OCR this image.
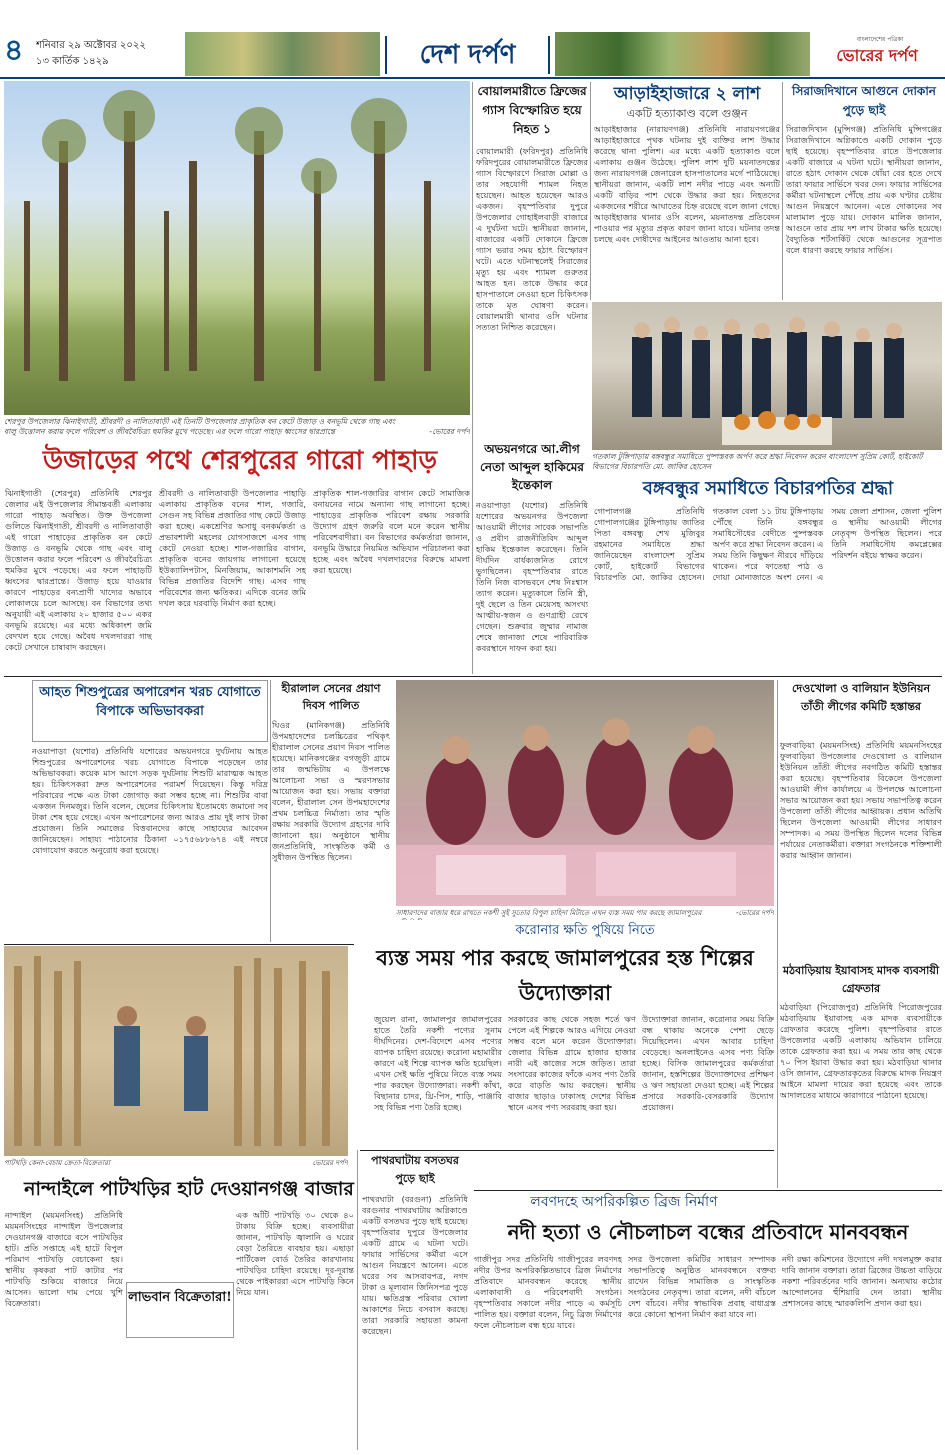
৪	শনিবার ২৯ অক্টোবর ২০২২
১৩ কার্তিক ১৪২৯	দেশ দর্পণ
বাংলাদেশের পত্রিকা
ভোরের দর্পণ
শেরপুর উপজেলার ঝিনাইগাতী, শ্রীবরদী ও নালিতাবাড়ী এই তিনটি উপজেলার প্রাকৃতিক বন কেটে উজাড় ও বনভূমি থেকে গাছ এবং বালু উত্তোলন করায় ফলে পরিবেশ ও জীববৈচিত্র্য হুমকির মুখে পড়েছে। এর ফলে গারো পাহাড় ধ্বংসের দ্বারপ্রান্তে	-ভোরের দর্পণ
উজাড়ের পথে শেরপুরের গারো পাহাড়
ঝিনাইগাতী (শেরপুর) প্রতিনিধি শেরপুর জেলার এই উপজেলার সীমান্তবর্তী এলাকায় গারো পাহাড় অবস্থিত। উক্ত উপজেলা গুলিতে ঝিনাইগাতী, শ্রীবরদী ও নালিতাবাড়ী এই গারো পাহাড়ের প্রাকৃতিক বন কেটে উজাড় ও বনভূমি থেকে গাছ এবং বালু উত্তোলন করার ফলে পরিবেশ ও জীববৈচিত্র্য হুমকির মুখে পড়েছে। এর ফলে পাহাড়টি ধ্বংসের দ্বারপ্রান্তে। উজাড় হয়ে যাওয়ার কারণে পাহাড়ের বন্যপ্রাণী খাদ্যের অভাবে লোকালয়ে চলে আসছে। বন বিভাগের তথ্য অনুযায়ী এই এলাকায় ২০ হাজার ৫০০ একর বনভূমি রয়েছে। এর মধ্যে অধিকাংশ জমি বেদখল হয়ে গেছে। অবৈধ দখলদাররা গাছ কেটে সেখানে চাষাবাদ করছেন।
শ্রীবরদী ও নালিতাবাড়ী উপজেলার পাহাড়ি এলাকায় প্রাকৃতিক বনের শাল, গজারি, সেগুন সহ বিভিন্ন প্রজাতির গাছ কেটে উজাড় করা হচ্ছে। একশ্রেণির অসাধু বনকর্মকর্তা ও প্রভাবশালী মহলের যোগসাজশে এসব গাছ কেটে নেওয়া হচ্ছে। শাল-গজারির বাগান, প্রাকৃতিক বনের জায়গায় লাগানো হয়েছে ইউক্যালিপটাস, মিনজিয়াম, আকাশমনি সহ বিভিন্ন প্রজাতির বিদেশি গাছ। এসব গাছ পরিবেশের জন্য ক্ষতিকর। এদিকে বনের জমি দখল করে ঘরবাড়ি নির্মাণ করা হচ্ছে।
প্রাকৃতিক শাল-গজারির বাগান কেটে সামাজিক বনায়নের নামে অন্যান্য গাছ লাগানো হচ্ছে। পাহাড়ের প্রাকৃতিক পরিবেশ রক্ষায় সরকারি উদ্যোগ গ্রহণ জরুরি বলে মনে করেন স্থানীয় পরিবেশবাদীরা। বন বিভাগের কর্মকর্তারা জানান, বনভূমি উদ্ধারে নিয়মিত অভিযান পরিচালনা করা হচ্ছে এবং অবৈধ দখলদারদের বিরুদ্ধে মামলা করা হয়েছে।
বোয়ালমারীতে ফ্রিজের গ্যাস বিস্ফোরিত হয়ে নিহত ১
বোয়ালমারী (ফরিদপুর) প্রতিনিধি ফরিদপুরের বোয়ালমারীতে ফ্রিজের গ্যাস বিস্ফোরণে সিরাজ মোল্লা ও তার সহযোগী শ্যামল নিহত হয়েছেন। আহত হয়েছেন আরও একজন। বৃহস্পতিবার দুপুরে উপজেলার গোহাইলবাড়ী বাজারে এ দুর্ঘটনা ঘটে। স্থানীয়রা জানান, বাজারের একটি দোকানে ফ্রিজে গ্যাস ভরার সময় হঠাৎ বিস্ফোরণ ঘটে। এতে ঘটনাস্থলেই সিরাজের মৃত্যু হয় এবং শ্যামল গুরুতর আহত হন। তাকে উদ্ধার করে হাসপাতালে নেওয়া হলে চিকিৎসক তাকে মৃত ঘোষণা করেন। বোয়ালমারী থানার ওসি ঘটনার সত্যতা নিশ্চিত করেছেন।
অভয়নগরে আ.লীগ নেতা আব্দুল হাকিমের ইন্তেকাল
নওয়াপাড়া (যশোর) প্রতিনিধি যশোরের অভয়নগর উপজেলা আওয়ামী লীগের সাবেক সভাপতি ও প্রবীণ রাজনীতিবিদ আব্দুল হাকিম ইন্তেকাল করেছেন। তিনি দীর্ঘদিন বার্ধক্যজনিত রোগে ভুগছিলেন। বৃহস্পতিবার রাতে তিনি নিজ বাসভবনে শেষ নিঃশ্বাস ত্যাগ করেন। মৃত্যুকালে তিনি স্ত্রী, দুই ছেলে ও তিন মেয়েসহ অসংখ্য আত্মীয়-স্বজন ও গুণগ্রাহী রেখে গেছেন। শুক্রবার জুম্মার নামাজ শেষে জানাজা শেষে পারিবারিক কবরস্থানে দাফন করা হয়।
আড়াইহাজারে ২ লাশ
একটি হত্যাকাণ্ড বলে গুঞ্জন
আড়াইহাজার (নারায়ণগঞ্জ) প্রতিনিধি নারায়ণগঞ্জের আড়াইহাজারে পৃথক ঘটনায় দুই ব্যক্তির লাশ উদ্ধার করেছে থানা পুলিশ। এর মধ্যে একটি হত্যাকাণ্ড বলে এলাকায় গুঞ্জন উঠেছে। পুলিশ লাশ দুটি ময়নাতদন্তের জন্য নারায়ণগঞ্জ জেনারেল হাসপাতালের মর্গে পাঠিয়েছে। স্থানীয়রা জানান, একটি লাশ নদীর পাড়ে এবং অন্যটি একটি বাড়ির পাশ থেকে উদ্ধার করা হয়। নিহতদের একজনের শরীরে আঘাতের চিহ্ন রয়েছে বলে জানা গেছে। আড়াইহাজার থানার ওসি বলেন, ময়নাতদন্ত প্রতিবেদন পাওয়ার পর মৃত্যুর প্রকৃত কারণ জানা যাবে। ঘটনার তদন্ত চলছে এবং দোষীদের আইনের আওতায় আনা হবে।
সিরাজদিখানে আগুনে দোকান পুড়ে ছাই
সিরাজদিখান (মুন্সিগঞ্জ) প্রতিনিধি মুন্সিগঞ্জের সিরাজদিখানে অগ্নিকাণ্ডে একটি দোকান পুড়ে ছাই হয়েছে। বৃহস্পতিবার রাতে উপজেলার একটি বাজারে এ ঘটনা ঘটে। স্থানীয়রা জানান, রাতে হঠাৎ দোকান থেকে ধোঁয়া বের হতে দেখে তারা ফায়ার সার্ভিসে খবর দেন। ফায়ার সার্ভিসের কর্মীরা ঘটনাস্থলে পৌঁছে প্রায় এক ঘণ্টার চেষ্টায় আগুন নিয়ন্ত্রণে আনেন। এতে দোকানের সব মালামাল পুড়ে যায়। দোকান মালিক জানান, আগুনে তার প্রায় দশ লাখ টাকার ক্ষতি হয়েছে। বৈদ্যুতিক শর্টসার্কিট থেকে আগুনের সূত্রপাত বলে ধারণা করছে ফায়ার সার্ভিস।
গতকাল টুঙ্গিপাড়ায় বঙ্গবন্ধুর সমাধিতে পুষ্পস্তবক অর্পণ করে শ্রদ্ধা নিবেদন করেন বাংলাদেশ সুপ্রিম কোর্ট, হাইকোর্ট বিভাগের বিচারপতি মো. জাকির হোসেন
বঙ্গবন্ধুর সমাধিতে বিচারপতির শ্রদ্ধা
গোপালগঞ্জ প্রতিনিধি গোপালগঞ্জের টুঙ্গিপাড়ায় জাতির পিতা বঙ্গবন্ধু শেখ মুজিবুর রহমানের সমাধিতে শ্রদ্ধা জানিয়েছেন বাংলাদেশ সুপ্রিম কোর্ট, হাইকোর্ট বিভাগের বিচারপতি মো. জাকির হোসেন। গতকাল বেলা ১১ টায় টুঙ্গিপাড়ায় পৌঁছে তিনি বঙ্গবন্ধুর সমাধিসৌধের বেদীতে পুষ্পস্তবক অর্পণ করে শ্রদ্ধা নিবেদন করেন। এ সময় তিনি কিছুক্ষণ নীরবে দাঁড়িয়ে থাকেন। পরে ফাতেহা পাঠ ও দোয়া মোনাজাতে অংশ নেন। এ সময় জেলা প্রশাসন, জেলা পুলিশ ও স্থানীয় আওয়ামী লীগের নেতৃবৃন্দ উপস্থিত ছিলেন। পরে তিনি সমাধিসৌধ কমপ্লেক্সের পরিদর্শন বইয়ে স্বাক্ষর করেন।
আহত শিশুপুত্রের অপারেশন খরচ যোগাতে বিপাকে অভিভাবকরা
নওয়াপাড়া (যশোর) প্রতিনিধি যশোরের অভয়নগরে দুর্ঘটনায় আহত শিশুপুত্রের অপারেশনের খরচ যোগাতে বিপাকে পড়েছেন তার অভিভাবকরা। কয়েক মাস আগে সড়ক দুর্ঘটনায় শিশুটি মারাত্মক আহত হয়। চিকিৎসকরা দ্রুত অপারেশনের পরামর্শ দিয়েছেন। কিন্তু দরিদ্র পরিবারের পক্ষে এত টাকা জোগাড় করা সম্ভব হচ্ছে না। শিশুটির বাবা একজন দিনমজুর। তিনি বলেন, ছেলের চিকিৎসায় ইতোমধ্যে জমানো সব টাকা শেষ হয়ে গেছে। এখন অপারেশনের জন্য আরও প্রায় দুই লাখ টাকা প্রয়োজন। তিনি সমাজের বিত্তবানদের কাছে সাহায্যের আবেদন জানিয়েছেন। সাহায্য পাঠানোর ঠিকানা ০১৭৫৬৮৮৬৭৪ এই নম্বরে যোগাযোগ করতে অনুরোধ করা হয়েছে।
হীরালাল সেনের প্রয়াণ দিবস পালিত
ঘিওর (মানিকগঞ্জ) প্রতিনিধি উপমহাদেশের চলচ্চিত্রের পথিকৃৎ হীরালাল সেনের প্রয়াণ দিবস পালিত হয়েছে। মানিকগঞ্জের বগজুড়ী গ্রামে তার জন্মভিটায় এ উপলক্ষে আলোচনা সভা ও স্মরণসভার আয়োজন করা হয়। সভায় বক্তারা বলেন, হীরালাল সেন উপমহাদেশের প্রথম চলচ্চিত্র নির্মাতা। তার স্মৃতি রক্ষায় সরকারি উদ্যোগ গ্রহণের দাবি জানানো হয়। অনুষ্ঠানে স্থানীয় জনপ্রতিনিধি, সাংস্কৃতিক কর্মী ও সুধীজন উপস্থিত ছিলেন।
সাধারণদের বাজার ধরে রাখতে নকশী সুই সুতোর বিপুল চাহিদা মিটাতে এখন ব্যস্ত সময় পার করছে জামালপুরের	-ভোরের দর্পণ
করোনার ক্ষতি পুষিয়ে নিতে
ব্যস্ত সময় পার করছে জামালপুরের হস্ত শিল্পের উদ্যোক্তারা
দেওখোলা ও বালিয়ান ইউনিয়ন তাঁতী লীগের কমিটি হস্তান্তর
ফুলবাড়িয়া (ময়মনসিংহ) প্রতিনিধি ময়মনসিংহের ফুলবাড়িয়া উপজেলার দেওখোলা ও বালিয়ান ইউনিয়ন তাঁতী লীগের নবগঠিত কমিটি হস্তান্তর করা হয়েছে। বৃহস্পতিবার বিকেলে উপজেলা আওয়ামী লীগ কার্যালয়ে এ উপলক্ষে আলোচনা সভার আয়োজন করা হয়। সভায় সভাপতিত্ব করেন উপজেলা তাঁতী লীগের আহ্বায়ক। প্রধান অতিথি ছিলেন উপজেলা আওয়ামী লীগের সাধারণ সম্পাদক। এ সময় উপস্থিত ছিলেন দলের বিভিন্ন পর্যায়ের নেতাকর্মীরা। বক্তারা সংগঠনকে শক্তিশালী করার আহ্বান জানান।
মঠবাড়িয়ায় ইয়াবাসহ মাদক ব্যবসায়ী গ্রেফতার
মঠবাড়িয়া (পিরোজপুর) প্রতিনিধি পিরোজপুরের মঠবাড়িয়ায় ইয়াবাসহ এক মাদক ব্যবসায়ীকে গ্রেফতার করেছে পুলিশ। বৃহস্পতিবার রাতে উপজেলার একটি এলাকায় অভিযান চালিয়ে তাকে গ্রেফতার করা হয়। এ সময় তার কাছ থেকে ৭০ পিস ইয়াবা উদ্ধার করা হয়। মঠবাড়িয়া থানার ওসি জানান, গ্রেফতারকৃতের বিরুদ্ধে মাদক নিয়ন্ত্রণ আইনে মামলা দায়ের করা হয়েছে এবং তাকে আদালতের মাধ্যমে কারাগারে পাঠানো হয়েছে।
পাটখড়ি কেনা-বেচায় ক্রেতা-বিক্রেতারা	ভোরের দর্পণ
নান্দাইলে পাটখড়ির হাট দেওয়ানগঞ্জ বাজার
নান্দাইল (ময়মনসিংহ) প্রতিনিধি ময়মনসিংহের নান্দাইল উপজেলার দেওয়ানগঞ্জ বাজারে বসে পাটখড়ির হাট। প্রতি সপ্তাহে এই হাটে বিপুল পরিমাণ পাটখড়ি বেচাকেনা হয়। স্থানীয় কৃষকরা পাট কাটার পর পাটখড়ি শুকিয়ে বাজারে নিয়ে আসেন। ভালো দাম পেয়ে খুশি বিক্রেতারা।	লাভবান বিক্রেতারা!
এক আঁটি পাটখড়ি ৩০ থেকে ৪০ টাকায় বিক্রি হচ্ছে। ব্যবসায়ীরা জানান, পাটখড়ি জ্বালানি ও ঘরের বেড়া তৈরিতে ব্যবহার হয়। এছাড়া পার্টিকেল বোর্ড তৈরির কারখানায় পাটখড়ির চাহিদা রয়েছে। দূর-দূরান্ত থেকে পাইকাররা এসে পাটখড়ি কিনে নিয়ে যান।
জুয়েল রানা, জামালপুর জামালপুরের হাতে তৈরি নকশী পণ্যের সুনাম দীর্ঘদিনের। দেশ-বিদেশে এসব পণ্যের ব্যাপক চাহিদা রয়েছে। করোনা মহামারীর কারণে এই শিল্পে ব্যাপক ক্ষতি হয়েছিল। এখন সেই ক্ষতি পুষিয়ে নিতে ব্যস্ত সময় পার করছেন উদ্যোক্তারা। নকশী কাঁথা, বিছানার চাদর, থ্রি-পিস, শাড়ি, পাঞ্জাবি সহ বিভিন্ন পণ্য তৈরি হচ্ছে।
সরকারের কাছ থেকে সহজ শর্তে ঋণ পেলে এই শিল্পকে আরও এগিয়ে নেওয়া সম্ভব বলে মনে করেন উদ্যোক্তারা। জেলার বিভিন্ন গ্রামে হাজার হাজার নারী এই কাজের সঙ্গে জড়িত। তারা সংসারের কাজের ফাঁকে এসব পণ্য তৈরি করে বাড়তি আয় করছেন। স্থানীয় বাজার ছাড়াও ঢাকাসহ দেশের বিভিন্ন স্থানে এসব পণ্য সরবরাহ করা হয়।
উদ্যোক্তারা জানান, করোনার সময় বিক্রি বন্ধ থাকায় অনেকে পেশা ছেড়ে দিয়েছিলেন। এখন আবার চাহিদা বেড়েছে। অনলাইনেও এসব পণ্য বিক্রি হচ্ছে। বিসিক জামালপুরের কর্মকর্তারা জানান, হস্তশিল্পের উদ্যোক্তাদের প্রশিক্ষণ ও ঋণ সহায়তা দেওয়া হচ্ছে। এই শিল্পের প্রসারে সরকারি-বেসরকারি উদ্যোগ প্রয়োজন।
পাথরঘাটায় বসতঘর পুড়ে ছাই
পাথরঘাটা (বরগুনা) প্রতিনিধি বরগুনার পাথরঘাটায় অগ্নিকাণ্ডে একটি বসতঘর পুড়ে ছাই হয়েছে। বৃহস্পতিবার দুপুরে উপজেলার একটি গ্রামে এ ঘটনা ঘটে। ফায়ার সার্ভিসের কর্মীরা এসে আগুন নিয়ন্ত্রণে আনেন। এতে ঘরের সব আসবাবপত্র, নগদ টাকা ও মূল্যবান জিনিসপত্র পুড়ে যায়। ক্ষতিগ্রস্ত পরিবার খোলা আকাশের নিচে বসবাস করছে। তারা সরকারি সহায়তা কামনা করেছেন।
লবণদহে অপরিকল্পিত ব্রিজ নির্মাণ
নদী হত্যা ও নৌচলাচল বন্ধের প্রতিবাদে মানববন্ধন
গাজীপুর সদর প্রতিনিধি গাজীপুরের লবণদহ নদীর উপর অপরিকল্পিতভাবে ব্রিজ নির্মাণের প্রতিবাদে মানববন্ধন করেছে স্থানীয় এলাকাবাসী ও পরিবেশবাদী সংগঠন। বৃহস্পতিবার সকালে নদীর পাড়ে এ কর্মসূচি পালিত হয়। বক্তারা বলেন, নিচু ব্রিজ নির্মাণের ফলে নৌচলাচল বন্ধ হয়ে যাবে।
সদর উপজেলা কমিটির সাধারণ সম্পাদক সভাপতিত্বে অনুষ্ঠিত মানববন্ধনে বক্তব্য রাখেন বিভিন্ন সামাজিক ও সাংস্কৃতিক সংগঠনের নেতৃবৃন্দ। তারা বলেন, নদী বাঁচলে দেশ বাঁচবে। নদীর স্বাভাবিক প্রবাহ বাধাগ্রস্ত করে কোনো স্থাপনা নির্মাণ করা যাবে না।
নদী রক্ষা কমিশনের উদ্যোগে নদী দখলমুক্ত করার দাবি জানান বক্তারা। তারা ব্রিজের উচ্চতা বাড়িয়ে নকশা পরিবর্তনের দাবি জানান। অন্যথায় কঠোর আন্দোলনের হুঁশিয়ারি দেন তারা। স্থানীয় প্রশাসনের কাছে স্মারকলিপি প্রদান করা হয়।
